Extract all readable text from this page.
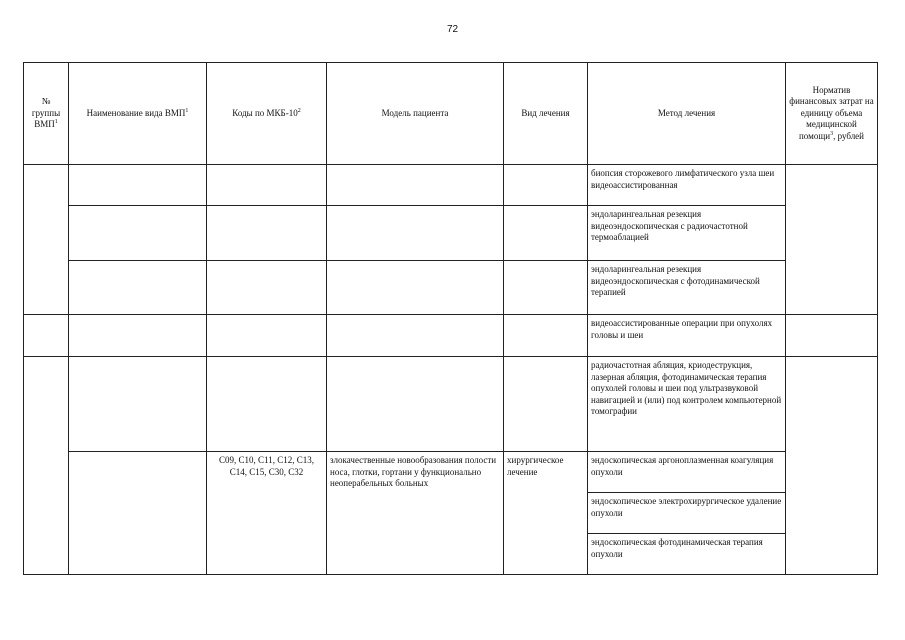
72
№ группы ВМП$^1$	Наименование вида ВМП$^1$	Коды по МКБ-$10^2$	Модель пациента	Вид лечения	Метод лечения	Норматив финансовых затрат на единицу объема медицинской помощи$^3$, рублей
					биопсия сторожевого лимфатического узла шеи видеоассистированная	
					эндоларингеальная резекция видеоэндоскопическая с радиочастотной термоаблацией	
					эндоларингеальная резекция видеоэндоскопическая с фотодинамической терапией	
					видеоассистированные операции при опухолях головы и шеи	
					радиочастотная абляция, криодеструкция, лазерная абляция, фотодинамическая терапия опухолей головы и шеи под ультразвуковой навигацией и (или) под контролем компьютерной томографии	
		C09, C10, C11, C12, C13, C14, C15, C30, C32	злокачественные новообразования полости носа, глотки, гортани у функционально неоперабельных больных	хирургическое лечение	эндоскопическая аргоноплазменная коагуляция опухоли	
					эндоскопическое электрохирургическое удаление опухоли	
					эндоскопическая фотодинамическая терапия опухоли	
